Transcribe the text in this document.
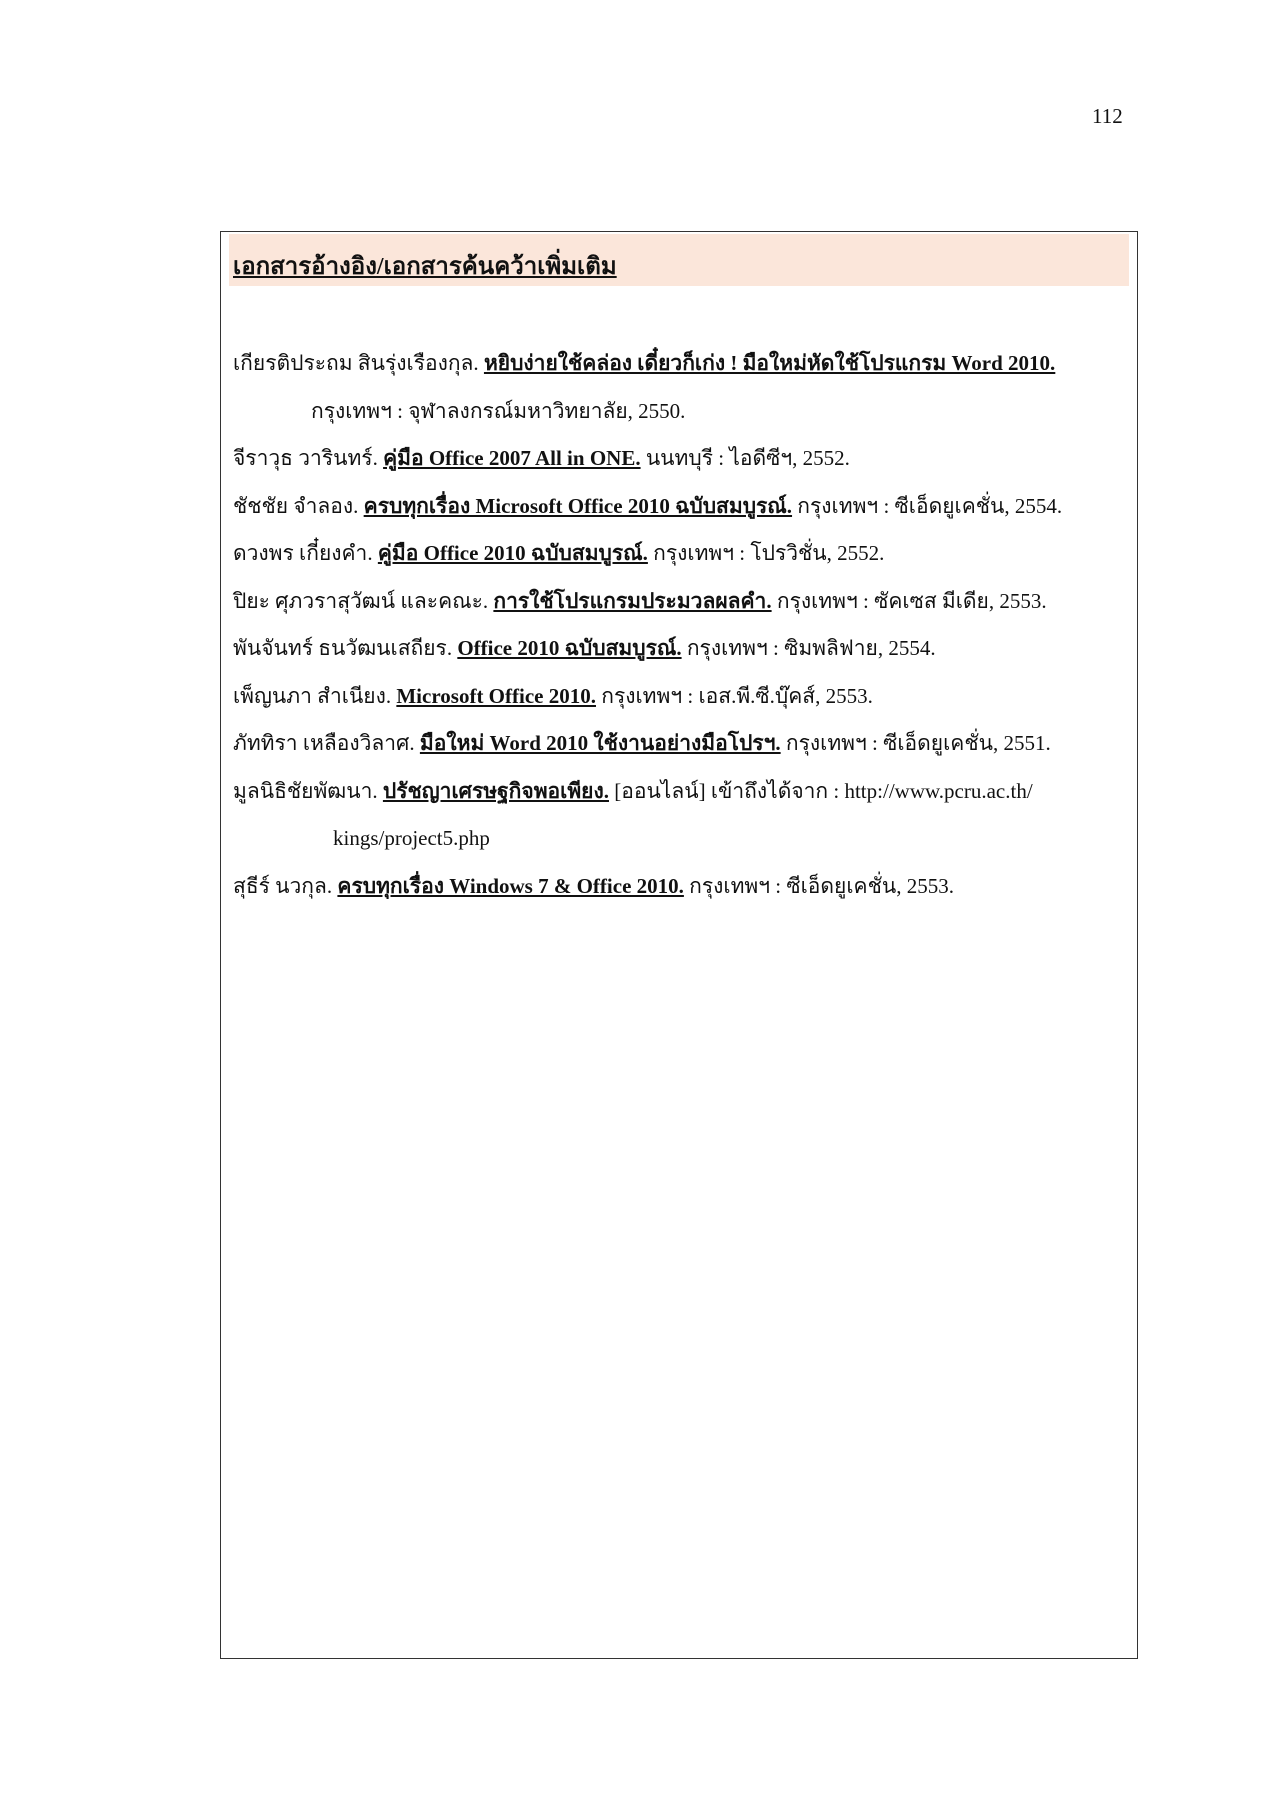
112
เอกสารอ้างอิง/เอกสารค้นคว้าเพิ่มเติม
เกียรติประถม สินรุ่งเรืองกุล. หยิบง่ายใช้คล่อง เดี๋ยวก็เก่ง ! มือใหม่หัดใช้โปรแกรม Word 2010.
กรุงเทพฯ : จุฬาลงกรณ์มหาวิทยาลัย, 2550.
จีราวุธ วารินทร์. คู่มือ Office 2007 All in ONE. นนทบุรี : ไอดีซีฯ, 2552.
ชัชชัย จำลอง. ครบทุกเรื่อง Microsoft Office 2010 ฉบับสมบูรณ์. กรุงเทพฯ : ซีเอ็ดยูเคชั่น, 2554.
ดวงพร เกี๋ยงคำ. คู่มือ Office 2010 ฉบับสมบูรณ์. กรุงเทพฯ : โปรวิชั่น, 2552.
ปิยะ ศุภวราสุวัฒน์ และคณะ. การใช้โปรแกรมประมวลผลคำ. กรุงเทพฯ : ซัคเซส มีเดีย, 2553.
พันจันทร์ ธนวัฒนเสถียร. Office 2010 ฉบับสมบูรณ์. กรุงเทพฯ : ซิมพลิฟาย, 2554.
เพ็ญนภา สำเนียง. Microsoft Office 2010. กรุงเทพฯ : เอส.พี.ซี.บุ๊คส์, 2553.
ภัททิรา เหลืองวิลาศ. มือใหม่ Word 2010 ใช้งานอย่างมือโปรฯ. กรุงเทพฯ : ซีเอ็ดยูเคชั่น, 2551.
มูลนิธิชัยพัฒนา. ปรัชญาเศรษฐกิจพอเพียง. [ออนไลน์] เข้าถึงได้จาก : http://www.pcru.ac.th/
kings/project5.php
สุธีร์ นวกุล. ครบทุกเรื่อง Windows 7 & Office 2010. กรุงเทพฯ : ซีเอ็ดยูเคชั่น, 2553.
